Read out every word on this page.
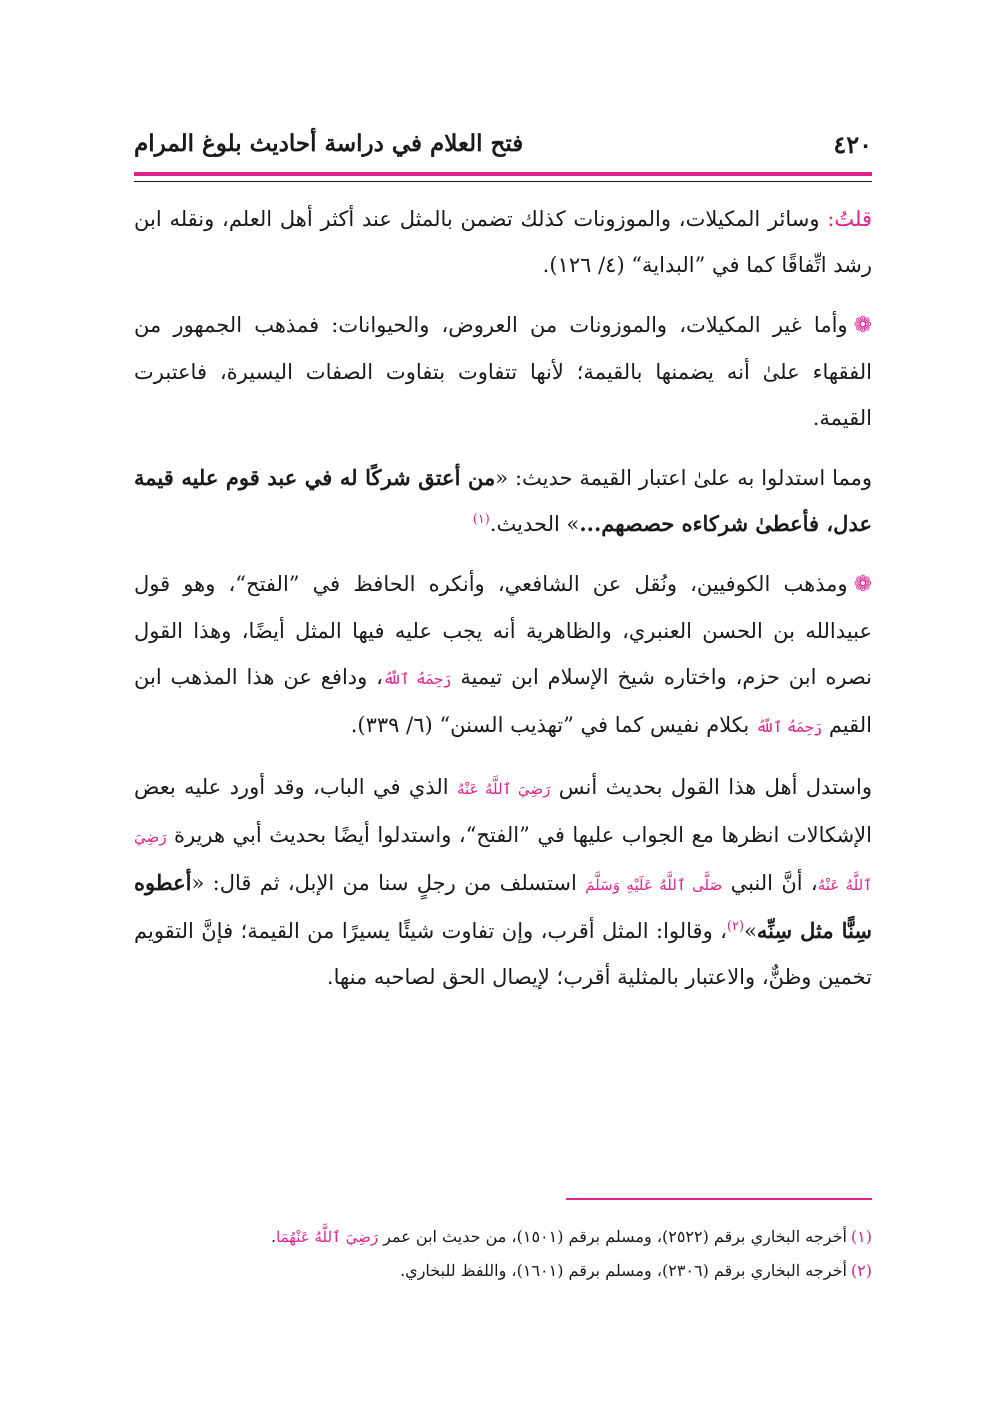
٤٢٠
فتح العلام في دراسة أحاديث بلوغ المرام

قلتُ: وسائر المكيلات، والموزونات كذلك تضمن بالمثل عند أكثر أهل العلم، ونقله ابن رشد اتِّفاقًا كما في ”البداية“ (٤/ ١٢٦).

❁وأما غير المكيلات، والموزونات من العروض، والحيوانات: فمذهب الجمهور من الفقهاء علىٰ أنه يضمنها بالقيمة؛ لأنها تتفاوت بتفاوت الصفات اليسيرة، فاعتبرت القيمة.

ومما استدلوا به علىٰ اعتبار القيمة حديث: «من أعتق شركًا له في عبد قوم عليه قيمة عدل، فأعطىٰ شركاءه حصصهم...» الحديث.$^{(١)}$

❁ومذهب الكوفيين، ونُقل عن الشافعي، وأنكره الحافظ في ”الفتح“، وهو قول عبيدالله بن الحسن العنبري، والظاهرية أنه يجب عليه فيها المثل أيضًا، وهذا القول نصره ابن حزم، واختاره شيخ الإسلام ابن تيمية رَحِمَهُ ٱللَّهُ، ودافع عن هذا المذهب ابن القيم رَحِمَهُ ٱللَّهُ بكلام نفيس كما في ”تهذيب السنن“ (٦/ ٣٣٩).

واستدل أهل هذا القول بحديث أنس رَضِيَ ٱللَّهُ عَنْهُ الذي في الباب، وقد أورد عليه بعض الإشكالات انظرها مع الجواب عليها في ”الفتح“، واستدلوا أيضًا بحديث أبي هريرة رَضِيَ ٱللَّهُ عَنْهُ، أنَّ النبي صَلَّى ٱللَّهُ عَلَيْهِ وَسَلَّمَ استسلف من رجلٍ سنا من الإبل، ثم قال: «أعطوه سِنًّا مثل سِنِّه»$^{(٢)}$، وقالوا: المثل أقرب، وإن تفاوت شيئًا يسيرًا من القيمة؛ فإنَّ التقويم تخمين وظنٌّ، والاعتبار بالمثلية أقرب؛ لإيصال الحق لصاحبه منها.

(١)أخرجه البخاري برقم (٢٥٢٢)، ومسلم برقم (١٥٠١)، من حديث ابن عمر رَضِيَ ٱللَّهُ عَنْهُمَا.

(٢)أخرجه البخاري برقم (٢٣٠٦)، ومسلم برقم (١٦٠١)، واللفظ للبخاري.
